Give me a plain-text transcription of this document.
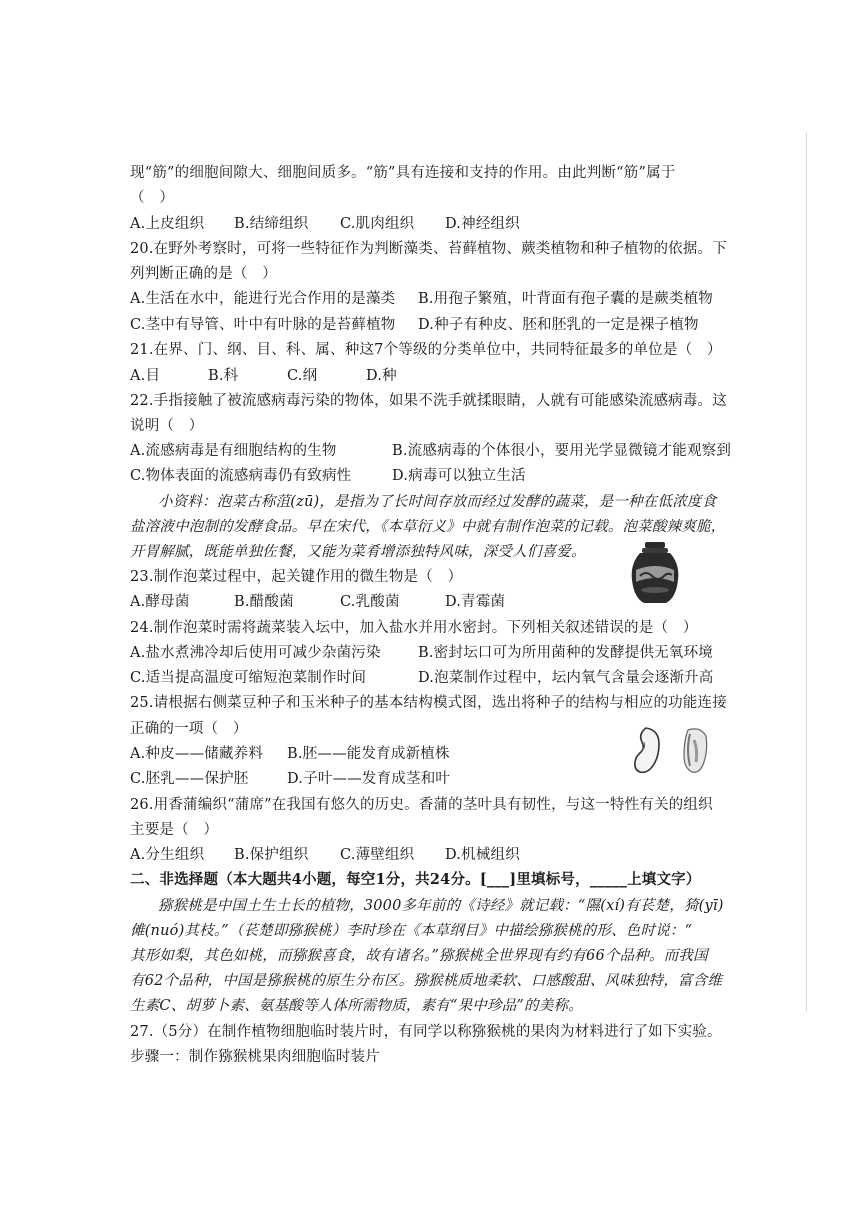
现“筋”的细胞间隙大、细胞间质多。“筋”具有连接和支持的作用。由此判断“筋”属于
（　）
A.上皮组织 B.结缔组织 C.肌肉组织 D.神经组织
20.在野外考察时，可将一些特征作为判断藻类、苔藓植物、蕨类植物和种子植物的依据。下
列判断正确的是（　）
A.生活在水中，能进行光合作用的是藻类 B.用孢子繁殖，叶背面有孢子囊的是蕨类植物
C.茎中有导管、叶中有叶脉的是苔藓植物 D.种子有种皮、胚和胚乳的一定是裸子植物
21.在界、门、纲、目、科、属、种这7个等级的分类单位中，共同特征最多的单位是（　）
A.目	B.科	C.纲	D.种
22.手指接触了被流感病毒污染的物体，如果不洗手就揉眼睛，人就有可能感染流感病毒。这
说明（　）
A.流感病毒是有细胞结构的生物	B.流感病毒的个体很小，要用光学显微镜才能观察到
C.物体表面的流感病毒仍有致病性	D.病毒可以独立生活
小资料：泡菜古称菹(zū)，是指为了长时间存放而经过发酵的蔬菜，是一种在低浓度食
盐溶液中泡制的发酵食品。早在宋代，《本草衍义》中就有制作泡菜的记载。泡菜酸辣爽脆，
开胃解腻，既能单独佐餐，又能为菜肴增添独特风味，深受人们喜爱。
23.制作泡菜过程中，起关键作用的微生物是（　）
A.酵母菌	B.醋酸菌	C.乳酸菌	D.青霉菌
24.制作泡菜时需将蔬菜装入坛中，加入盐水并用水密封。下列相关叙述错误的是（　）
A.盐水煮沸冷却后使用可减少杂菌污染	B.密封坛口可为所用菌种的发酵提供无氧环境
C.适当提高温度可缩短泡菜制作时间	D.泡菜制作过程中，坛内氧气含量会逐渐升高
25.请根据右侧菜豆种子和玉米种子的基本结构模式图，选出将种子的结构与相应的功能连接
正确的一项（　）
A.种皮——储藏养料 B.胚——能发育成新植株
C.胚乳——保护胚	D.子叶——发育成茎和叶
26.用香蒲编织“蒲席”在我国有悠久的历史。香蒲的茎叶具有韧性，与这一特性有关的组织
主要是（　）
A.分生组织 B.保护组织 C.薄壁组织 D.机械组织
二、非选择题（本大题共4小题，每空1分，共24分。[___]里填标号，_____上填文字）
猕猴桃是中国土生土长的植物，3000多年前的《诗经》就记载：“隰(xí)有苌楚，猗(yī)
傩(nuó)其枝。”（苌楚即猕猴桃）李时珍在《本草纲目》中描绘猕猴桃的形、色时说：“
其形如梨，其色如桃，而猕猴喜食，故有诸名。”猕猴桃全世界现有约有66个品种。而我国
有62个品种，中国是猕猴桃的原生分布区。猕猴桃质地柔软、口感酸甜、风味独特，富含维
生素C、胡萝卜素、氨基酸等人体所需物质，素有“果中珍品”的美称。
27.（5分）在制作植物细胞临时装片时，有同学以称猕猴桃的果肉为材料进行了如下实验。
步骤一：制作猕猴桃果肉细胞临时装片
